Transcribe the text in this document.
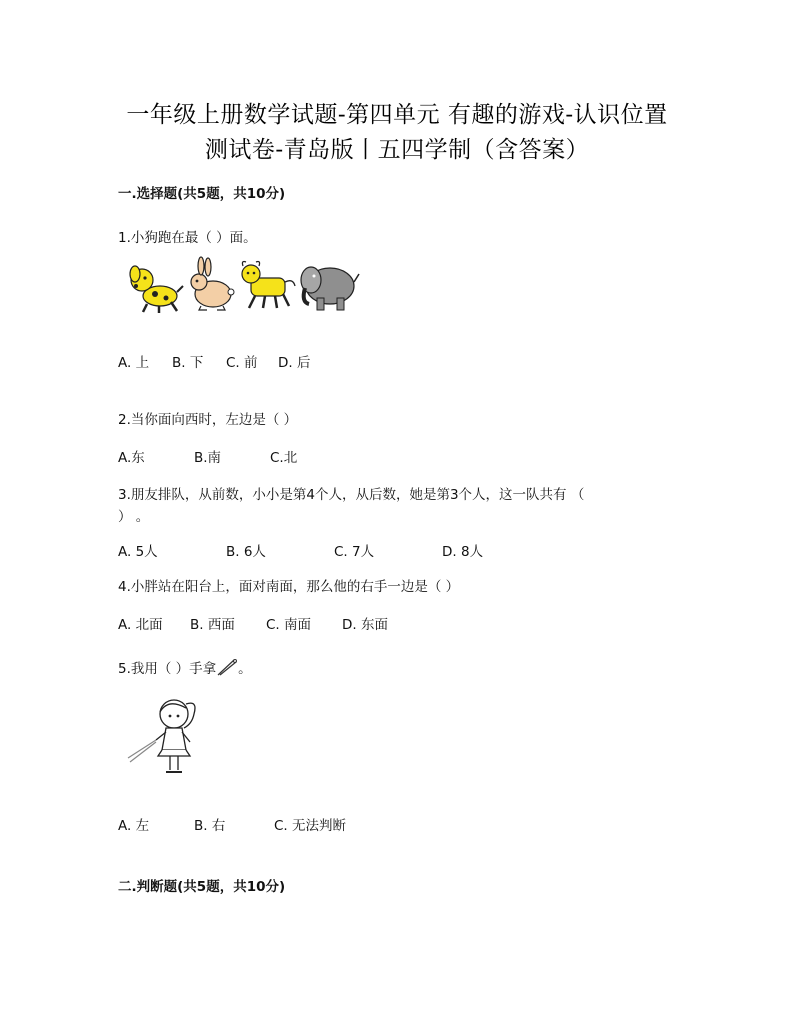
一年级上册数学试题-第四单元 有趣的游戏-认识位置
测试卷-青岛版丨五四学制（含答案）
一.选择题(共5题，共10分)
1.小狗跑在最（ ）面。
A. 上 B. 下 C. 前 D. 后
2.当你面向西时，左边是（ ）
A.东	B.南	C.北
3.朋友排队，从前数，小小是第4个人，从后数，她是第3个人，这一队共有 （
） 。
A. 5人	B. 6人	C. 7人	D. 8人
4.小胖站在阳台上，面对南面，那么他的右手一边是（ ）
A. 北面 B. 西面 C. 南面 D. 东面
5.我用（ ）手拿 。
A. 左	B. 右	C. 无法判断
二.判断题(共5题，共10分)
